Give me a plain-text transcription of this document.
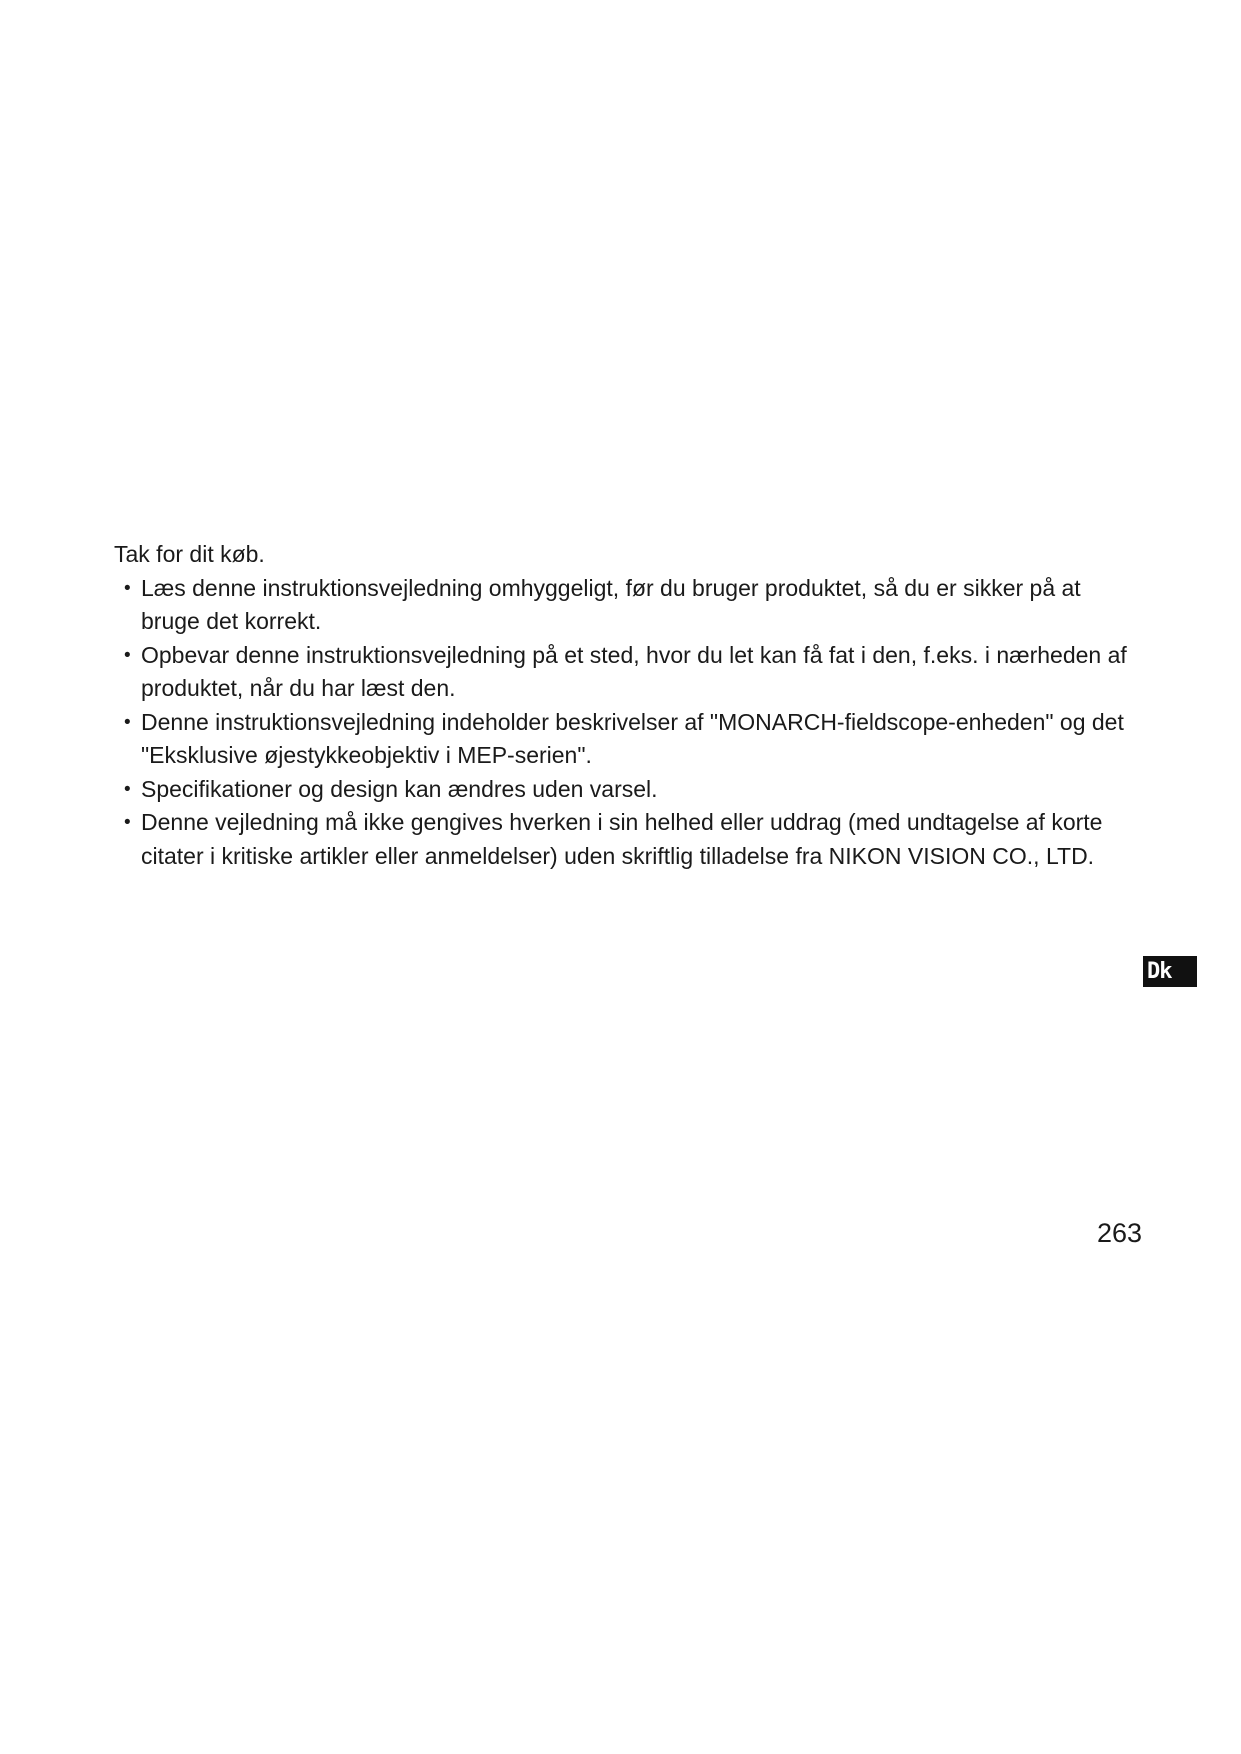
Tak for dit køb.

• Læs denne instruktionsvejledning omhyggeligt, før du bruger produktet, så du er sikker på at bruge det korrekt.
• Opbevar denne instruktionsvejledning på et sted, hvor du let kan få fat i den, f.eks. i nærheden af produktet, når du har læst den.
• Denne instruktionsvejledning indeholder beskrivelser af "MONARCH-fieldscope-enheden" og det "Eksklusive øjestykkeobjektiv i MEP-serien".
• Specifikationer og design kan ændres uden varsel.
• Denne vejledning må ikke gengives hverken i sin helhed eller uddrag (med undtagelse af korte citater i kritiske artikler eller anmeldelser) uden skriftlig tilladelse fra NIKON VISION CO., LTD.
Dk
263
